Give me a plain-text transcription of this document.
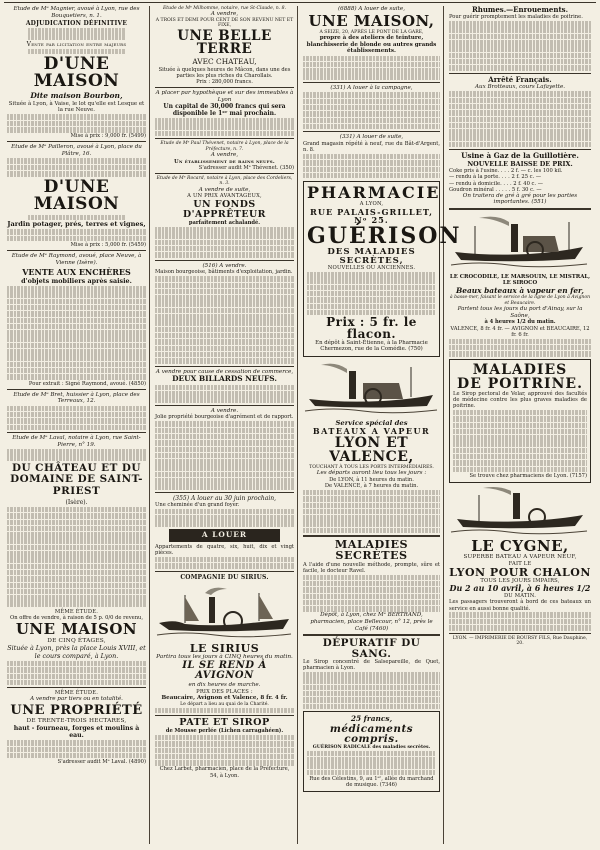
Etude de Mᵉ Magnier, avoué à Lyon, rue des Bouquetiers, n. 1.
ADJUDICATION DÉFINITIVE
Vente par licitation entre majeurs
D'UNE MAISON
Dite maison Bourbon,
Située à Lyon, à Vaise, le lot qu'elle est Lesque et la rue Neuve.
Mise à prix : 9,000 fr. (5499)
Etude de Mᵉ Pailleron, avoué à Lyon, place du Plâtre, 16.
D'UNE MAISON
Jardin potager, prés, terres et vignes,
Mise à prix : 5,000 fr. (5459)
Etude de Mᵉ Raymond, avoué, place Neuve, à Vienne (Isère).
VENTE AUX ENCHÈRES
d'objets mobiliers après saisie.
Pour extrait : Signé Raymond, avoué. (4850)
Etude de Mᵉ Bret, huissier à Lyon, place des Terreaux, 12.
Etude de Mᵉ Laval, notaire à Lyon, rue Saint-Pierre, n° 19.
DU CHÂTEAU ET DU DOMAINE DE SAINT-PRIEST
(Isère).
MÊME ÉTUDE.
On offre de vendre, à raison de 5 p. 0/0 de revenu,
UNE MAISON
DE CINQ ÉTAGES,
Située à Lyon, près la place Louis XVIII, et le cours comparé, à Lyon.
MÊME ÉTUDE.
A vendre par tiers ou en totalité.
UNE PROPRIÉTÉ
DE TRENTE-TROIS HECTARES,
haut - fourneau, forges et moulins à eau.
S'adresser audit Mᵉ Laval. (4890)
Etude de Mᵉ Milhomme, notaire, rue St-Claude, n. 8.
A vendre,
A TROIS ET DEMI POUR CENT DE SON REVENU NET ET FIXE,
UNE BELLE TERRE
AVEC CHATEAU,
Située à quelques heures de Mâcon, dans une des parties les plus riches du Charollais.
Prix : 280,000 francs.
A placer par hypothèque et sur des immeubles à Lyon
Un capital de 30,000 francs qui sera disponible le 1ᵉʳ mai prochain.
Etude de Mᵉ Paul Thévenet, notaire à Lyon, place de la Préfecture, n. 7.
A vendre,
Un établissement de bains neufs.
S'adresser audit Mᵉ Thévenet. (350)
Etude de Mᵉ Rocard, notaire à Lyon, place des Cordeliers, n. 3.
A vendre de suite,
A UN PRIX AVANTAGEUX,
UN FONDS D'APPRÊTEUR
parfaitement achalandé.
(516) A vendre.
Maison bourgeoise, bâtiments d'exploitation, jardin.
A vendre pour cause de cessation de commerce,
DEUX BILLARDS NEUFS.
A vendre.
Jolie propriété bourgeoise d'agrément et de rapport.
(355) A louer au 30 juin prochain,
Une cheminée d'un grand foyer.
A LOUER
Appartements de quatre, six, huit, dix et vingt pièces.
COMPAGNIE DU SIRIUS.
LE SIRIUS
Partira tous les jours à CINQ heures du matin.
IL SE REND À AVIGNON
en dix heures de marche.
PRIX DES PLACES :
Beaucaire, Avignon et Valence, 8 fr. 4 fr.
Le départ a lieu au quai de la Charité.
PATE ET SIROP
de Mousse perlée (Lichen carragahéen).
Chez Larbet, pharmacien, place de la Préfecture, 54, à Lyon.
(6888) A louer de suite,
UNE MAISON,
A SEIZE, 20, APRÈS LE PONT DE LA GARE,
propre à des ateliers de teinture, blanchisserie de blonde ou autres grands établissements.
(331) A louer à la campagne,
(331) A louer de suite,
Grand magasin répété à neuf, rue du Bât-d'Argent, n. 8.
PHARMACIE
A LYON,
RUE PALAIS-GRILLET, Nᵒ 25.
GUÉRISON
DES MALADIES SECRÈTES,
NOUVELLES OU ANCIENNES.
Prix : 5 fr. le flacon.
En dépôt à Saint-Étienne, à la Pharmacie Chermezon, rue de la Comédie. (750)
Service spécial des
BATEAUX A VAPEUR
LYON ET VALENCE,
TOUCHANT À TOUS LES PORTS INTERMÉDIAIRES.
Les départs auront lieu tous les jours :
De LYON, à 11 heures du matin.
De VALENCE, à 7 heures du matin.
MALADIES SECRÈTES
A l'aide d'une nouvelle méthode, prompte, sûre et facile, le docteur Ravel.
Dépôt, à Lyon, chez Mᵉ BERTRAND, pharmacien, place Bellecour, n° 12, près le Café (7460)
DÉPURATIF DU SANG.
Le Sirop concentré de Salsepareille, de Quet, pharmacien à Lyon.
25 francs,
médicaments compris.
GUÉRISON RADICALE des maladies secrètes.
Rue des Célestins, 9, au 1ᵉʳ, allée du marchand de musique. (7346)
Rhumes.—Enrouements.
Pour guérir promptement les maladies de poitrine.
Arrêté Français.
Aux Brotteaux, cours Lafayette.
Usine à Gaz de la Guillotière.
NOUVELLE BAISSE DE PRIX.
Coke pris à l'usine. . . . 2 f. — c. les 100 kil.
— rendu à la porte. . . . 2 f. 25 c. —
— rendu à domicile. . . . 2 f. 40 c. —
Goudron minéral . . . . . 5 f. 30 c. —
On traitera de gré à gré pour les parties importantes. (551)
LE CROCODILE, LE MARSOUIN, LE MISTRAL, LE SIROCO
Beaux bateaux à vapeur en fer,
à basse-mer, faisant le service de la ligne de Lyon à Avignon et Beaucaire.
Partent tous les jours du port d'Ainay, sur la Saône,
à 4 heures 1/2 du matin.
VALENCE, 8 fr. 4 fr. — AVIGNON et BEAUCAIRE, 12 fr. 6 fr.
MALADIES
DE POITRINE.
Le Sirop pectoral de Velar, approuvé des facultés de médecine contre les plus graves maladies de poitrine.
Se trouve chez pharmaciens de Lyon. (7157)
LE CYGNE,
SUPERBE BATEAU A VAPEUR NEUF,
FAIT LE
LYON POUR CHALON
TOUS LES JOURS IMPAIRS,
Du 2 au 10 avril, à 6 heures 1/2
DU MATIN.
Les passagers trouveront à bord de ces bateaux un service en aussi bonne qualité.
LYON. — IMPRIMERIE DE BOURSY FILS, Rue Dauphine, 20.
